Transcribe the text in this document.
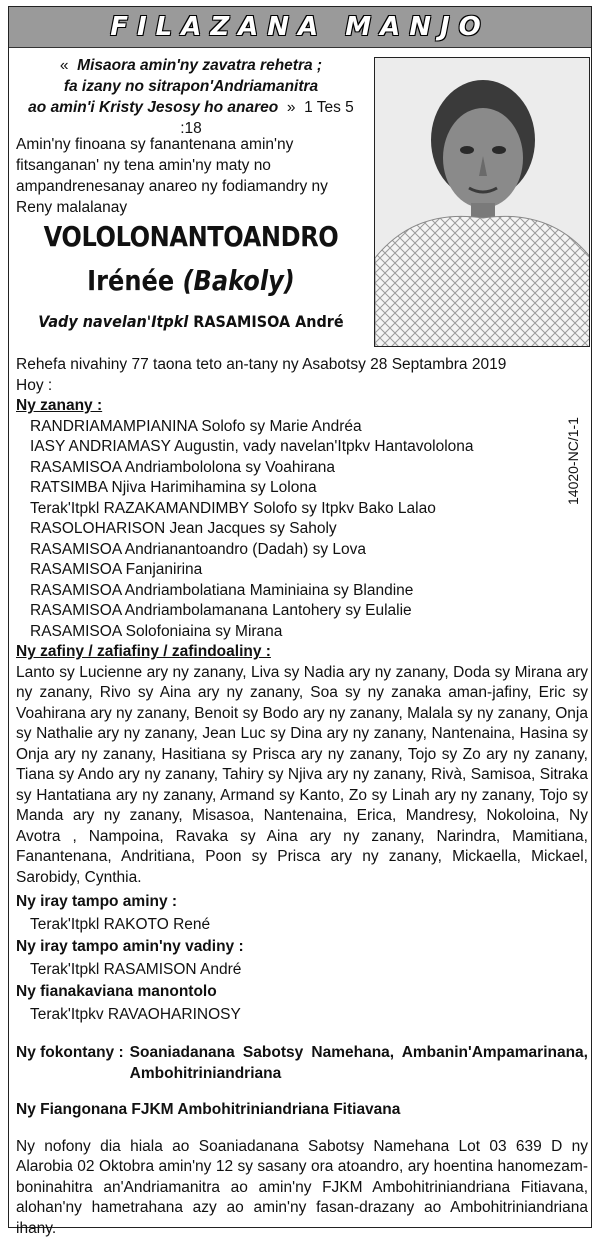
FILAZANA MANJO
« Misaora amin'ny zavatra rehetra ;
fa izany no sitrapon'Andriamanitra
ao amin'i Kristy Jesosy ho anareo » 1 Tes 5 :18
Amin'ny finoana sy fanantenana amin'ny fitsanganan' ny tena amin'ny maty no ampandrenesanay anareo ny fodiamandry ny Reny malalanay
VOLOLONANTOANDRO
Irénée (Bakoly)
Vady navelan'Itpkl RASAMISOA André
14020-NC/1-1
Rehefa nivahiny 77 taona teto an-tany ny Asabotsy 28 Septambra 2019
Hoy :
Ny zanany :
RANDRIAMAMPIANINA Solofo sy Marie Andréa
IASY ANDRIAMASY Augustin, vady navelan'Itpkv Hantavololona
RASAMISOA Andriambololona sy Voahirana
RATSIMBA Njiva Harimihamina sy Lolona
Terak'Itpkl RAZAKAMANDIMBY Solofo sy Itpkv Bako Lalao
RASOLOHARISON Jean Jacques sy Saholy
RASAMISOA Andrianantoandro (Dadah) sy Lova
RASAMISOA Fanjanirina
RASAMISOA Andriambolatiana Maminiaina sy Blandine
RASAMISOA Andriambolamanana Lantohery sy Eulalie
RASAMISOA Solofoniaina sy Mirana
Ny zafiny / zafiafiny / zafindoaliny :
Lanto sy Lucienne ary ny zanany, Liva sy Nadia ary ny zanany, Doda sy Mirana ary ny zanany, Rivo sy Aina ary ny zanany, Soa sy ny zanaka aman-jafiny, Eric sy Voahirana ary ny zanany, Benoit sy Bodo ary ny zanany, Malala sy ny zanany, Onja sy Nathalie ary ny zanany, Jean Luc sy Dina ary ny zanany, Nantenaina, Hasina sy Onja ary ny zanany, Hasitiana sy Prisca ary ny zanany, Tojo sy Zo ary ny zanany, Tiana sy Ando ary ny zanany, Tahiry sy Njiva ary ny zanany, Rivà, Samisoa, Sitraka sy Hantatiana ary ny zanany, Armand sy Kanto, Zo sy Linah ary ny zanany, Tojo sy Manda ary ny zanany, Misasoa, Nantenaina, Erica, Mandresy, Nokoloina, Ny Avotra , Nampoina, Ravaka sy Aina ary ny zanany, Narindra, Mamitiana, Fanantenana, Andritiana, Poon sy Prisca ary ny zanany, Mickaella, Mickael, Sarobidy, Cynthia.
Ny iray tampo aminy :
Terak'Itpkl RAKOTO René
Ny iray tampo amin'ny vadiny :
Terak'Itpkl RASAMISON André
Ny fianakaviana manontolo
Terak'Itpkv RAVAOHARINOSY
Ny fokontany : Soaniadanana Sabotsy Namehana, Ambanin'Ampamarinana, Ambohitriniandriana
Ny Fiangonana FJKM Ambohitriniandriana Fitiavana
Ny nofony dia hiala ao Soaniadanana Sabotsy Namehana Lot 03 639 D ny Alarobia 02 Oktobra amin'ny 12 sy sasany ora atoandro, ary hoentina hanomezam-boninahitra an'Andriamanitra ao amin'ny FJKM Ambohitriniandriana Fitiavana, alohan'ny hametrahana azy ao amin'ny fasan-drazany ao Ambohitriniandriana ihany.
